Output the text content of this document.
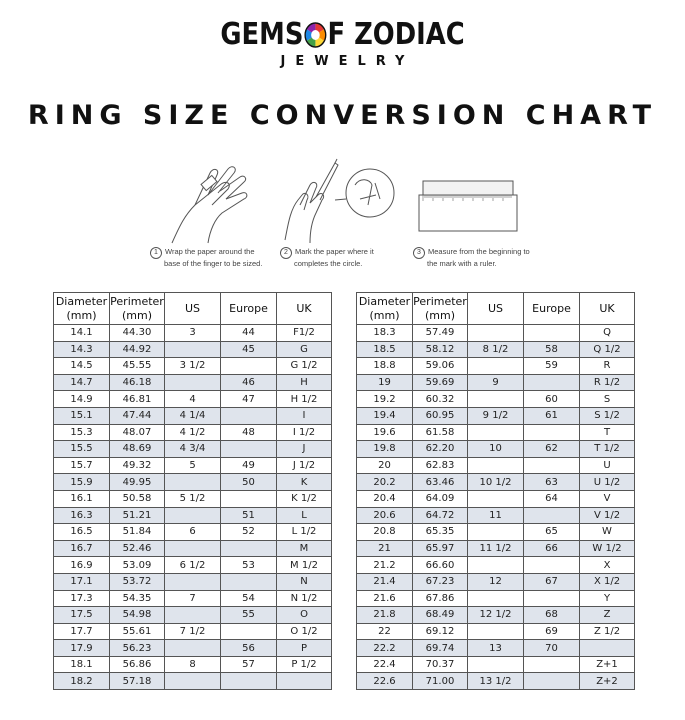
GEMS F ZODIAC
JEWELRY
RING SIZE CONVERSION CHART
1 Wrap the paper around the
base of the finger to be sized.
2 Mark the paper where it
completes the circle.
3 Measure from the beginning to
the mark with a ruler.
Diameter
(mm)	Perimeter
(mm)	US	Europe	UK
14.1	44.30	3	44	F1/2
14.3	44.92		45	G
14.5	45.55	3 1/2		G 1/2
14.7	46.18		46	H
14.9	46.81	4	47	H 1/2
15.1	47.44	4 1/4		I
15.3	48.07	4 1/2	48	I 1/2
15.5	48.69	4 3/4		J
15.7	49.32	5	49	J 1/2
15.9	49.95		50	K
16.1	50.58	5 1/2		K 1/2
16.3	51.21		51	L
16.5	51.84	6	52	L 1/2
16.7	52.46			M
16.9	53.09	6 1/2	53	M 1/2
17.1	53.72			N
17.3	54.35	7	54	N 1/2
17.5	54.98		55	O
17.7	55.61	7 1/2		O 1/2
17.9	56.23		56	P
18.1	56.86	8	57	P 1/2
18.2	57.18			
Diameter
(mm)	Perimeter
(mm)	US	Europe	UK
18.3	57.49			Q
18.5	58.12	8 1/2	58	Q 1/2
18.8	59.06		59	R
19	59.69	9		R 1/2
19.2	60.32		60	S
19.4	60.95	9 1/2	61	S 1/2
19.6	61.58			T
19.8	62.20	10	62	T 1/2
20	62.83			U
20.2	63.46	10 1/2	63	U 1/2
20.4	64.09		64	V
20.6	64.72	11		V 1/2
20.8	65.35		65	W
21	65.97	11 1/2	66	W 1/2
21.2	66.60			X
21.4	67.23	12	67	X 1/2
21.6	67.86			Y
21.8	68.49	12 1/2	68	Z
22	69.12		69	Z 1/2
22.2	69.74	13	70	
22.4	70.37			Z+1
22.6	71.00	13 1/2		Z+2
